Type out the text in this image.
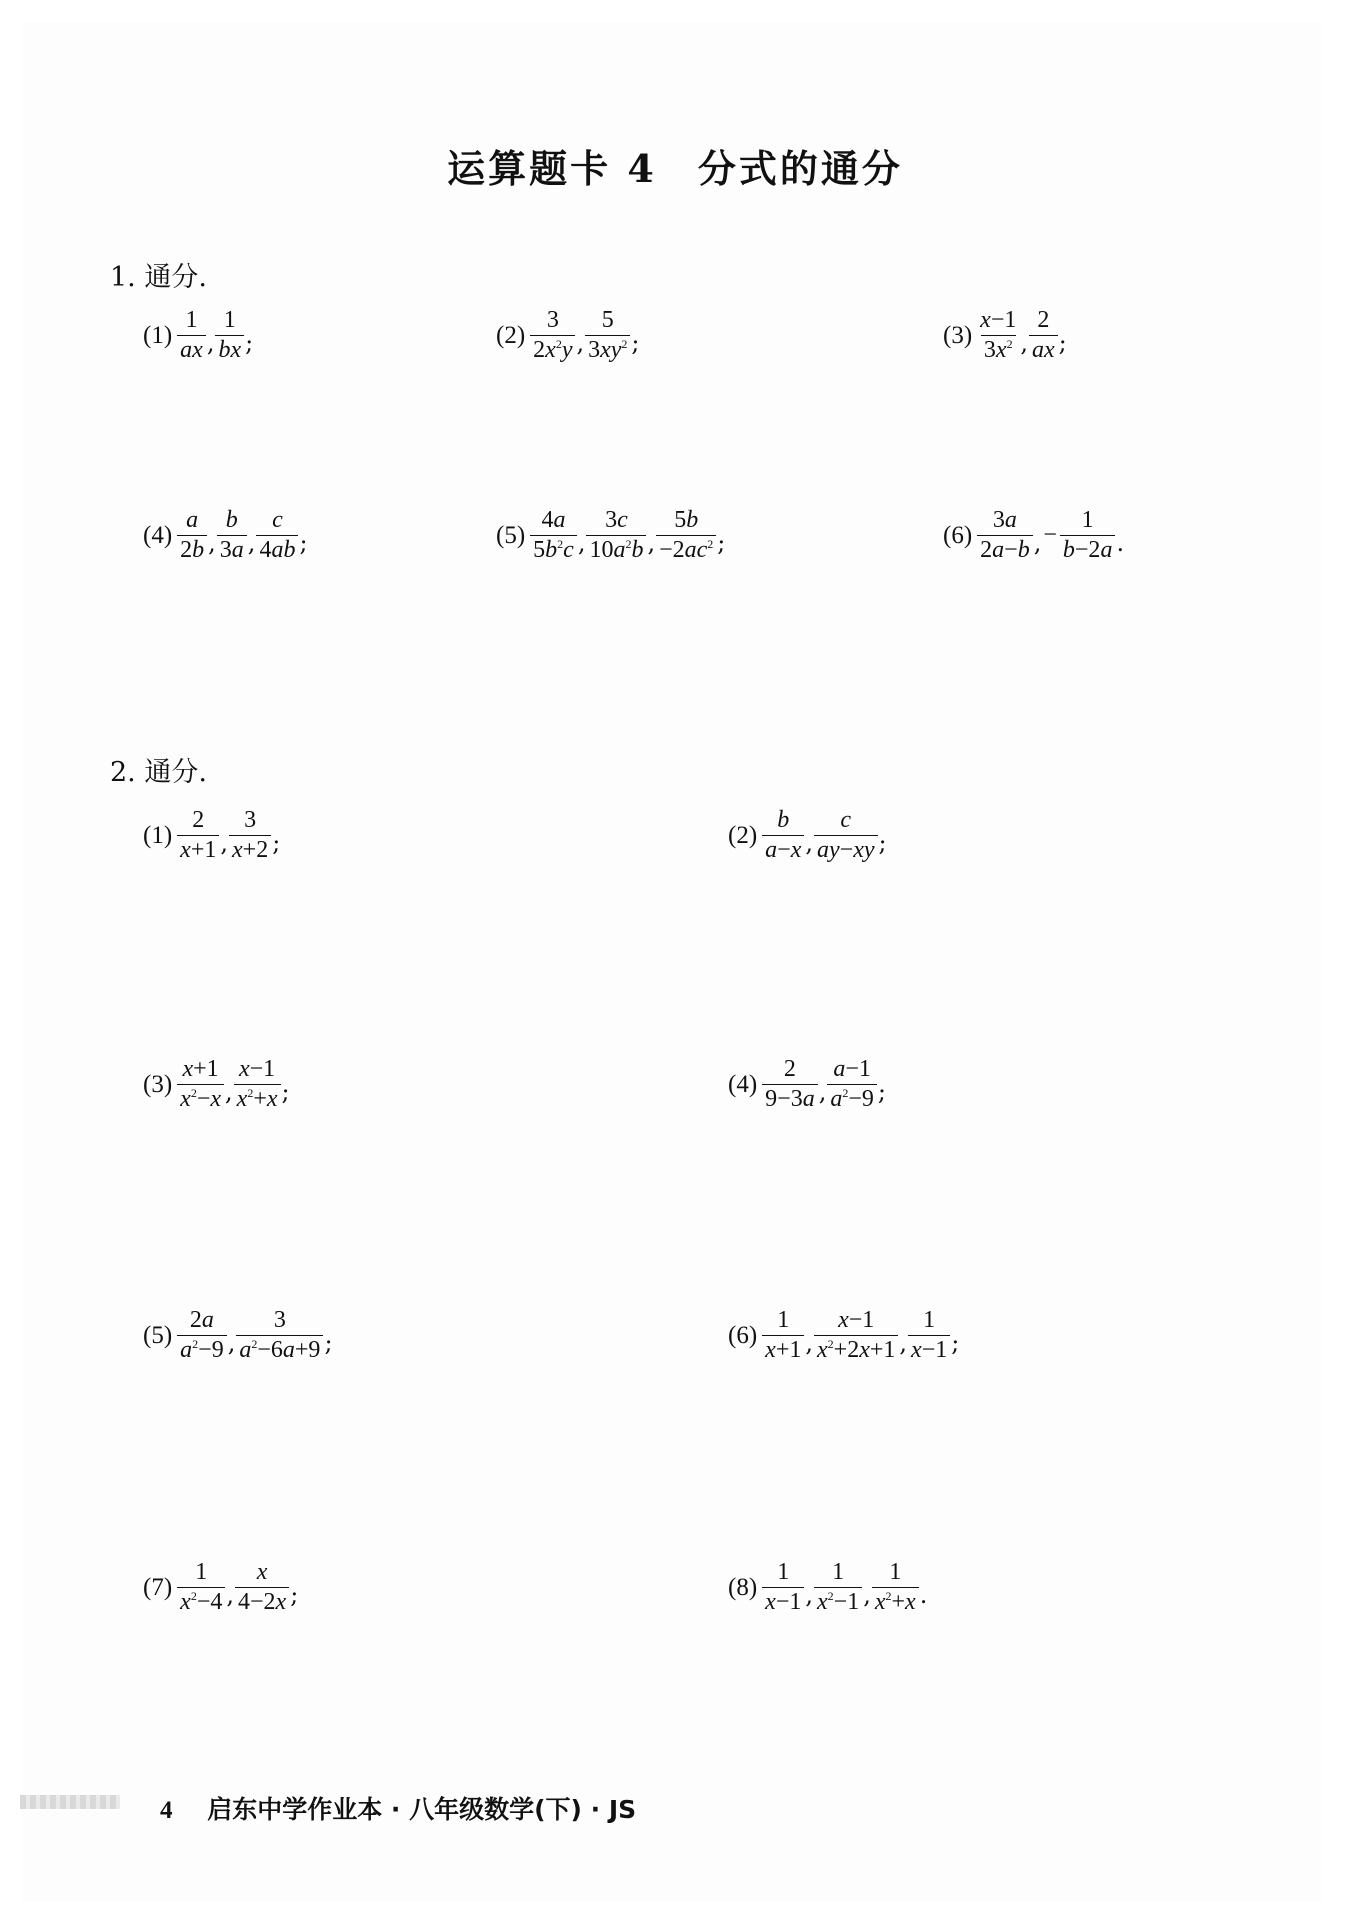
运算题卡 4　分式的通分
1. 通分.
2. 通分.
$(1) \frac{1}{ax}$ , $\frac{1}{bx}$ ;	$(2) \frac{3}{2x^2y}$ , $\frac{5}{3xy^2}$ ;	$(3) \frac{x-1}{3x^2}$ , $\frac{2}{ax}$ ;
$(4) \frac{a}{2b}$ , $\frac{b}{3a}$ , $\frac{c}{4ab}$ ;	$(5) \frac{4a}{5b^2c}$ , $\frac{3c}{10a^2b}$ , $\frac{5b}{-2ac^2}$ ;	$(6) \frac{3a}{2a-b}$ , − $\frac{1}{b-2a}$ .
$(1) \frac{2}{x+1}$ , $\frac{3}{x+2}$ ;	$(2) \frac{b}{a-x}$ , $\frac{c}{ay-xy}$ ;
$(3) \frac{x+1}{x^2-x}$ , $\frac{x-1}{x^2+x}$ ;	$(4) \frac{2}{9-3a}$ , $\frac{a-1}{a^2-9}$ ;
$(5) \frac{2a}{a^2-9}$ , $\frac{3}{a^2-6a+9}$ ;	$(6) \frac{1}{x+1}$ , $\frac{x-1}{x^2+2x+1}$ , $\frac{1}{x-1}$ ;
$(7) \frac{1}{x^2-4}$ , $\frac{x}{4-2x}$ ;	$(8) \frac{1}{x-1}$ , $\frac{1}{x^2-1}$ , $\frac{1}{x^2+x}$ .
4 启东中学作业本 · 八年级数学(下) · JS
